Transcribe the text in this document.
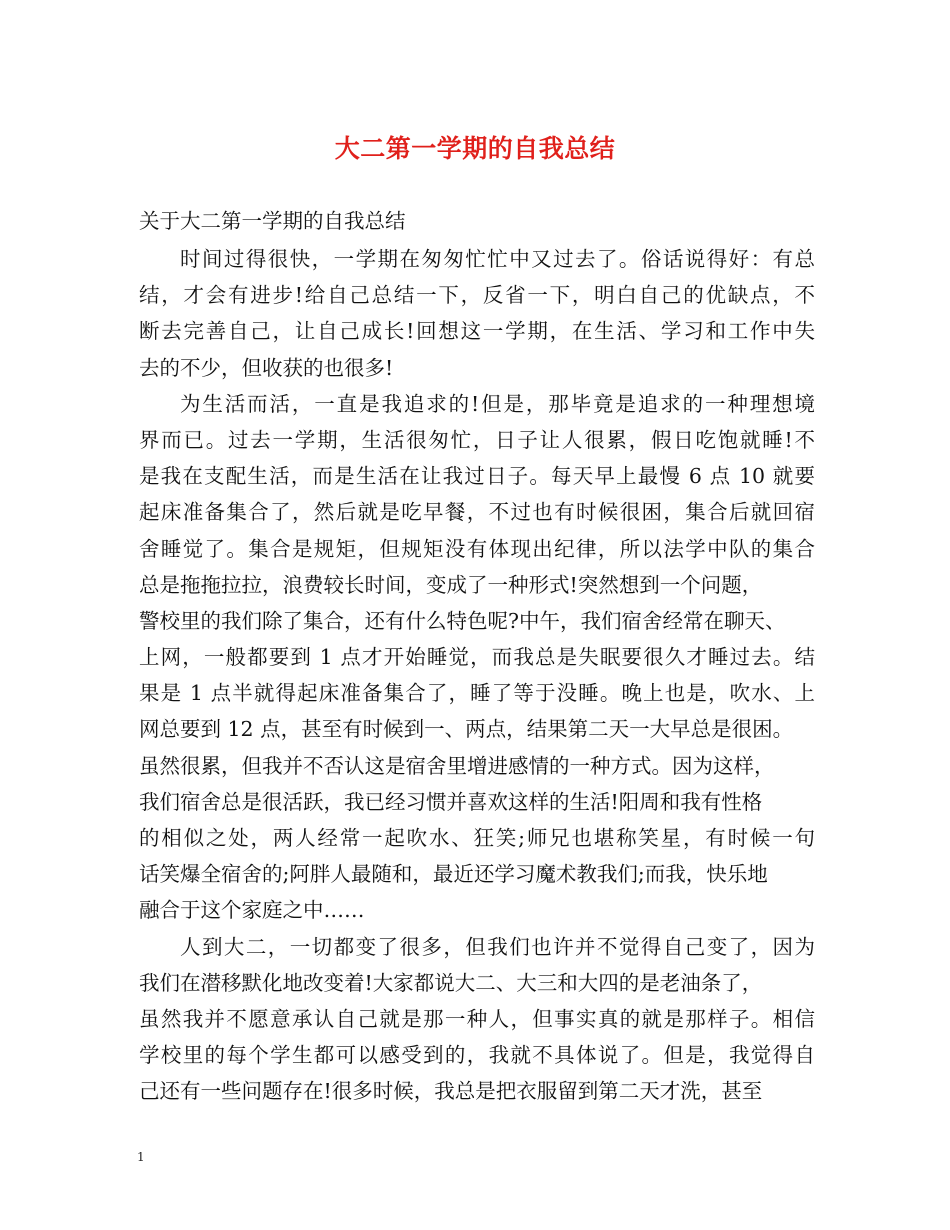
大二第一学期的自我总结
关于大二第一学期的自我总结
时间过得很快，一学期在匆匆忙忙中又过去了。俗话说得好：有总
结，才会有进步!给自己总结一下，反省一下，明白自己的优缺点，不
断去完善自己，让自己成长!回想这一学期，在生活、学习和工作中失
去的不少，但收获的也很多!
为生活而活，一直是我追求的!但是，那毕竟是追求的一种理想境
界而已。过去一学期，生活很匆忙，日子让人很累，假日吃饱就睡!不
是我在支配生活，而是生活在让我过日子。每天早上最慢 6 点 10 就要
起床准备集合了，然后就是吃早餐，不过也有时候很困，集合后就回宿
舍睡觉了。集合是规矩，但规矩没有体现出纪律，所以法学中队的集合
总是拖拖拉拉，浪费较长时间，变成了一种形式!突然想到一个问题，
警校里的我们除了集合，还有什么特色呢?中午，我们宿舍经常在聊天、
上网，一般都要到 1 点才开始睡觉，而我总是失眠要很久才睡过去。结
果是 1 点半就得起床准备集合了，睡了等于没睡。晚上也是，吹水、上
网总要到 12 点，甚至有时候到一、两点，结果第二天一大早总是很困。
虽然很累，但我并不否认这是宿舍里增进感情的一种方式。因为这样，
我们宿舍总是很活跃，我已经习惯并喜欢这样的生活!阳周和我有性格
的相似之处，两人经常一起吹水、狂笑;师兄也堪称笑星，有时候一句
话笑爆全宿舍的;阿胖人最随和，最近还学习魔术教我们;而我，快乐地
融合于这个家庭之中……
人到大二，一切都变了很多，但我们也许并不觉得自己变了，因为
我们在潜移默化地改变着!大家都说大二、大三和大四的是老油条了，
虽然我并不愿意承认自己就是那一种人，但事实真的就是那样子。相信
学校里的每个学生都可以感受到的，我就不具体说了。但是，我觉得自
己还有一些问题存在!很多时候，我总是把衣服留到第二天才洗，甚至
1
